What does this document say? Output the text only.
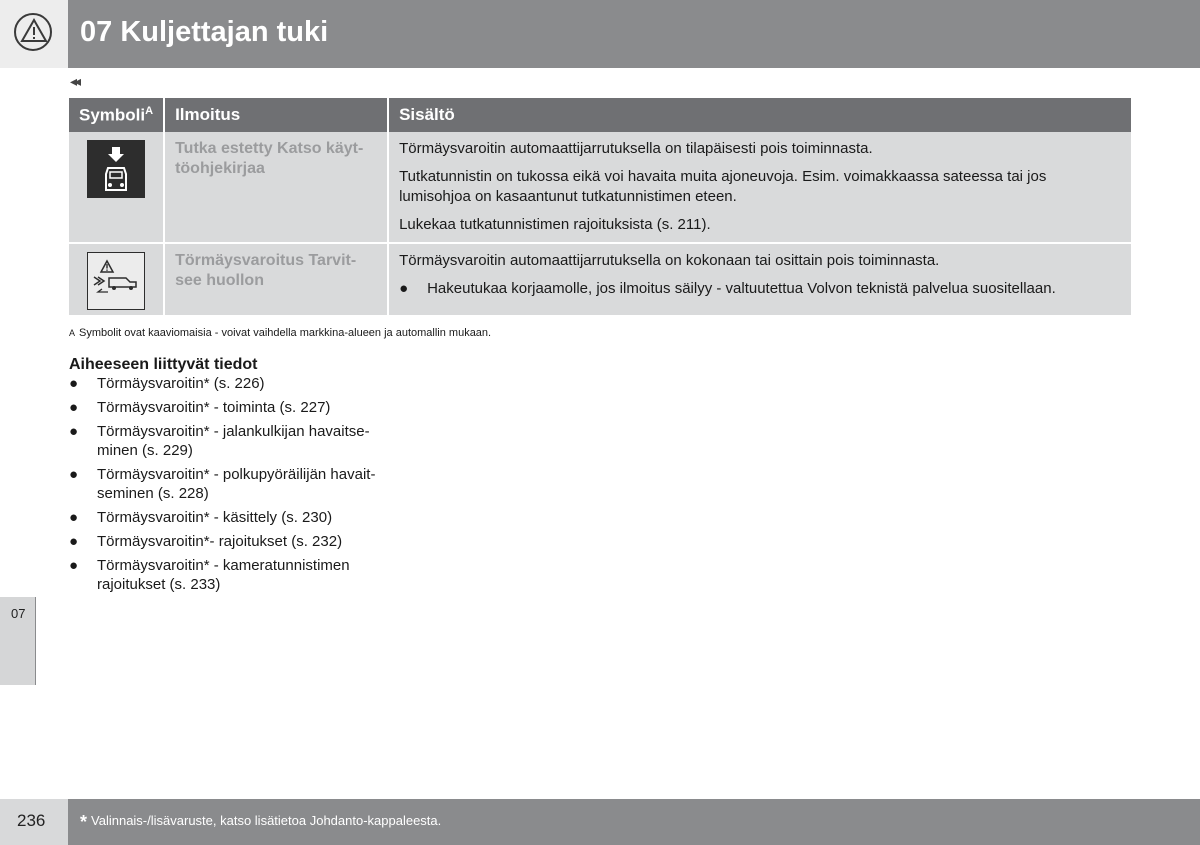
07 Kuljettajan tuki
◂◂
Symboli$^A$	Ilmoitus	Sisältö
	Tutka estetty Katso käyt-töohjekirjaa	Törmäysvaroitin automaattijarrutuksella on tilapäisesti pois toiminnasta.

Tutkatunnistin on tukossa eikä voi havaita muita ajoneuvoja. Esim. voimakkaassa sateessa tai jos lumisohjoa on kasaantunut tutkatunnistimen eteen.

Lukekaa tutkatunnistimen rajoituksista (s. 211).

	Törmäysvaroitus Tarvit-see huollon	Törmäysvaroitin automaattijarrutuksella on kokonaan tai osittain pois toiminnasta.

● Hakeutukaa korjaamolle, jos ilmoitus säilyy - valtuutettua Volvon teknistä palvelua suositellaan.
A Symbolit ovat kaaviomaisia - voivat vaihdella markkina-alueen ja automallin mukaan.
Aiheeseen liittyvät tiedot
●	Törmäysvaroitin* (s. 226)
●	Törmäysvaroitin* - toiminta (s. 227)
●	Törmäysvaroitin* - jalankulkijan havaitse-minen (s. 229)
●	Törmäysvaroitin* - polkupyöräilijän havait-seminen (s. 228)
●	Törmäysvaroitin* - käsittely (s. 230)
●	Törmäysvaroitin*- rajoitukset (s. 232)
●	Törmäysvaroitin* - kameratunnistimen rajoitukset (s. 233)
07
236 * Valinnais-/lisävaruste, katso lisätietoa Johdanto-kappaleesta.
